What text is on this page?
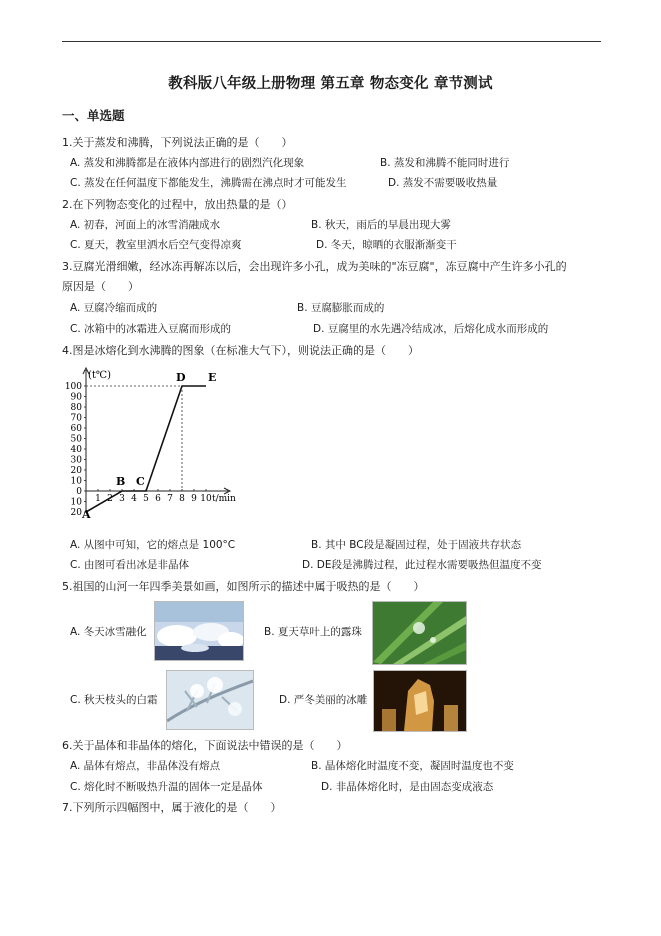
教科版八年级上册物理 第五章 物态变化 章节测试
一、单选题
1.关于蒸发和沸腾，下列说法正确的是（　　）
A. 蒸发和沸腾都是在液体内部进行的剧烈汽化现象	B. 蒸发和沸腾不能同时进行
C. 蒸发在任何温度下都能发生，沸腾需在沸点时才可能发生	D. 蒸发不需要吸收热量
2.在下列物态变化的过程中，放出热量的是（）
A. 初春，河面上的冰雪消融成水	B. 秋天，雨后的早晨出现大雾
C. 夏天，教室里洒水后空气变得凉爽	D. 冬天，晾晒的衣服渐渐变干
3.豆腐光滑细嫩，经冰冻再解冻以后，会出现许多小孔，成为美味的"冻豆腐"，冻豆腐中产生许多小孔的
原因是（　　）
A. 豆腐冷缩而成的	B. 豆腐膨胀而成的
C. 冰箱中的冰霜进入豆腐而形成的	D. 豆腐里的水先遇冷结成冰，后熔化成水而形成的
4.图是冰熔化到水沸腾的图象（在标准大气下），则说法正确的是（　　）
(t℃)
t/min
100
90
80
70
60
50
40
30
20
10
0
10
20
1 2 3 4 5 6 7 8 9 10
A
B C
D E
A. 从图中可知，它的熔点是 100°C	B. 其中 BC段是凝固过程，处于固液共存状态
C. 由图可看出冰是非晶体	D. DE段是沸腾过程，此过程水需要吸热但温度不变
5.祖国的山河一年四季美景如画，如图所示的描述中属于吸热的是（　　）
A. 冬天冰雪融化	B. 夏天草叶上的露珠
C. 秋天枝头的白霜	D. 严冬美丽的冰雕
6.关于晶体和非晶体的熔化，下面说法中错误的是（　　）
A. 晶体有熔点，非晶体没有熔点	B. 晶体熔化时温度不变，凝固时温度也不变
C. 熔化时不断吸热升温的固体一定是晶体	D. 非晶体熔化时，是由固态变成液态
7.下列所示四幅图中，属于液化的是（　　）
